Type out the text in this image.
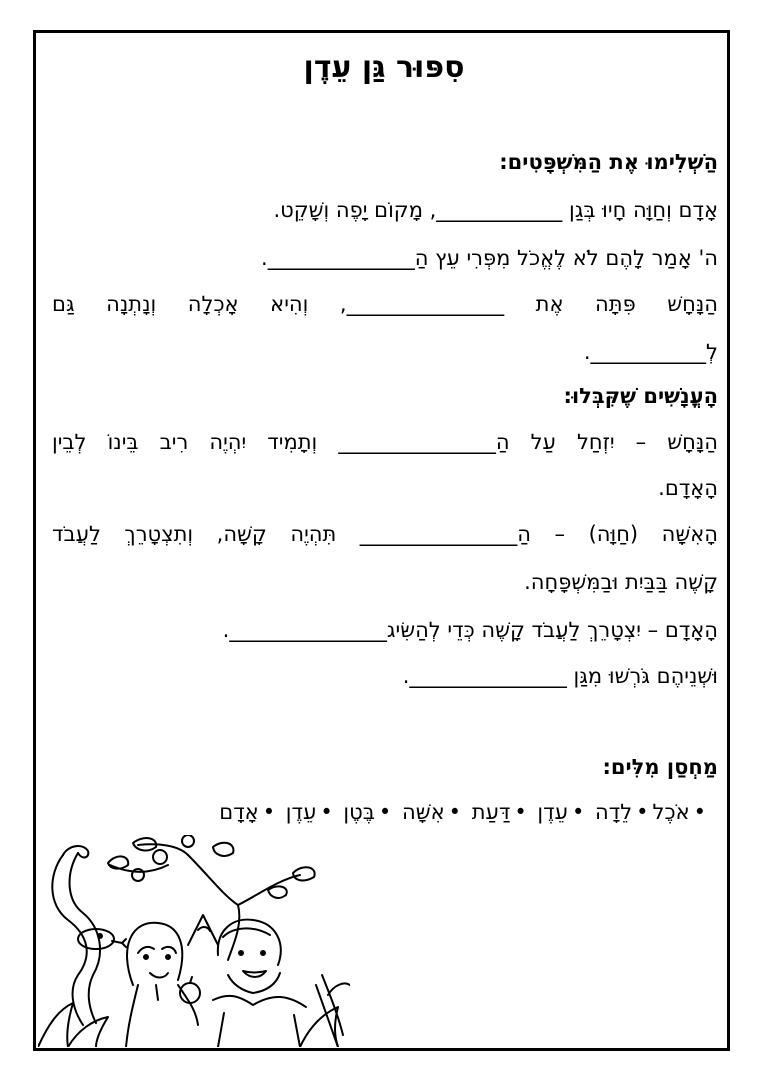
סִפּוּר גַּן עֵדֶן
הַשְׁלִימוּ אֶת הַמִּשְׁפָּטִים:
אָדָם וְחַוָּה חָיוּ בְּגַן ____________, מָקוֹם יָפֶה וְשָׁקֵט.
ה' אָמַר לָהֶם לֹא לֶאֱכֹל מִפְּרִי עֵץ הַ______________.
הַנָּחָשׁ פִּתָּה אֶת _______________, וְהִיא אָכְלָה וְנָתְנָה גַּם
לְ___________.
הָעֳנָשִׁים שֶׁקִּבְּלוּ:
הַנָּחָשׁ – יִזְחַל עַל הַ_______________ וְתָמִיד יִהְיֶה רִיב בֵּינוֹ לְבֵין
הָאָדָם.
הָאִשָּׁה (חַוָּה) – הַ_______________ תִּהְיֶה קָשָׁה, וְתִצְטָרֵךְ לַעֲבֹד
קָשֶׁה בַּבַּיִת וּבַמִּשְׁפָּחָה.
הָאָדָם – יִצְטָרֵךְ לַעֲבֹד קָשֶׁה כְּדֵי לְהַשִּׂיג_______________.
וּשְׁנֵיהֶם גֹּרְשׁוּ מִגַּן _______________.
מַחְסַן מִלִּים:
•אֹכֶל•לֵדָה •עֵדֶן •דַּעַת •אִשָּׁה •בֶּטֶן •עֵדֶן •אָדָם
